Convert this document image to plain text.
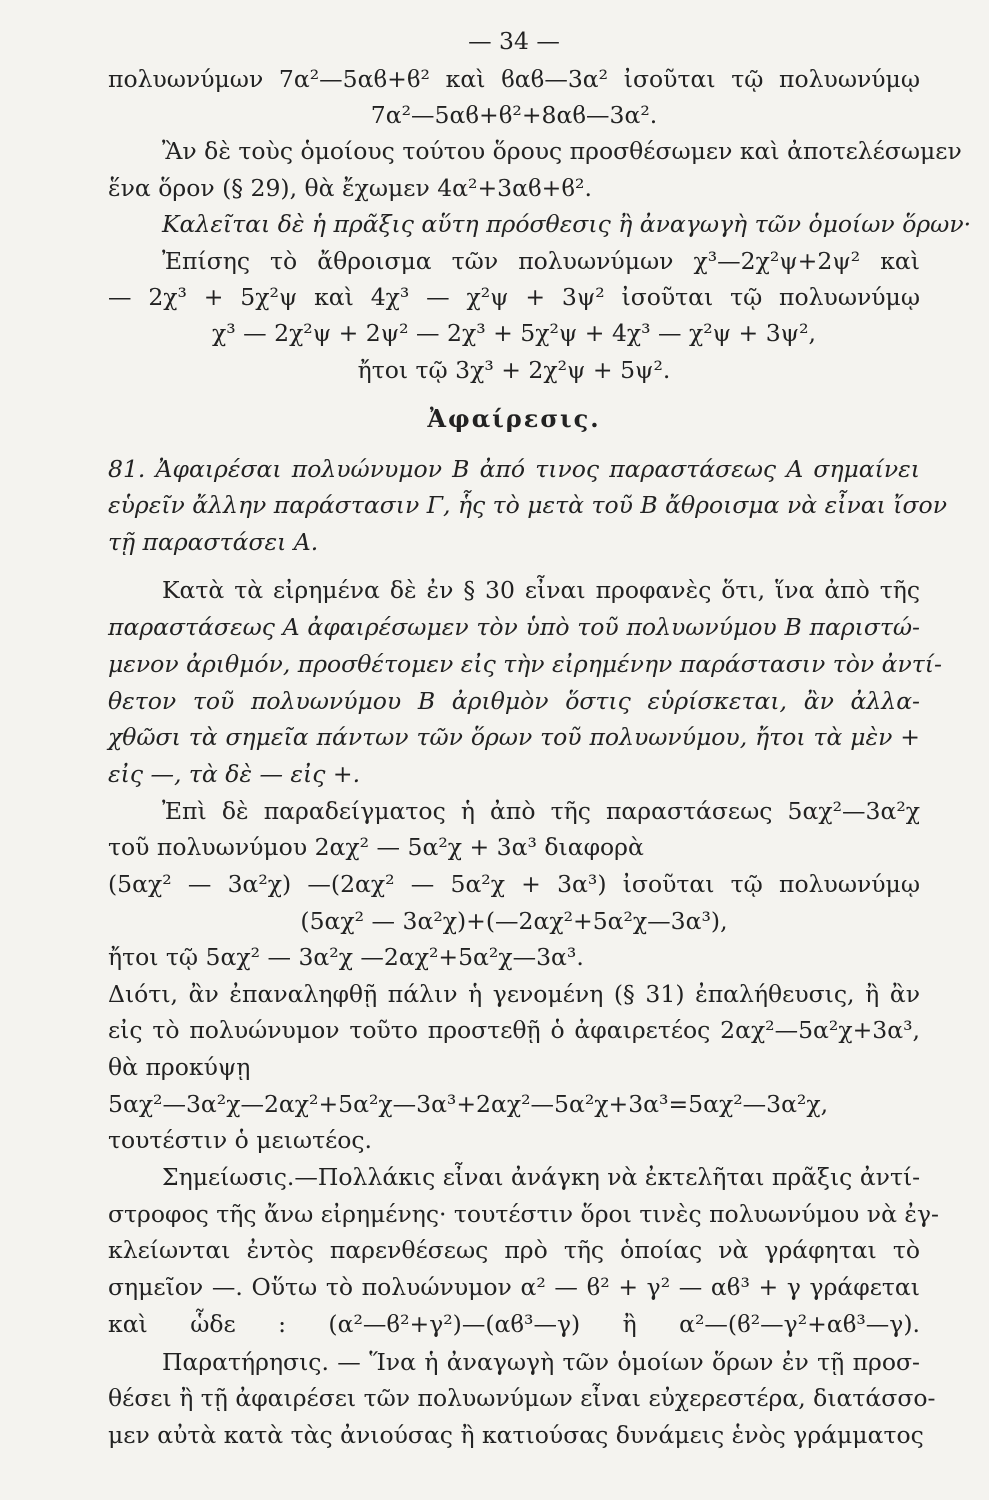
— 34 —
πολυωνύμων 7α²—5αϐ+ϐ² καὶ ϐαϐ—3α² ἰσοῦται τῷ πολυωνύμῳ
7α²—5αϐ+ϐ²+8αϐ—3α².
Ἂν δὲ τοὺς ὁμοίους τούτου ὅρους προσθέσωμεν καὶ ἀποτελέσωμεν
ἕνα ὅρον (§ 29), θὰ ἔχωμεν 4α²+3αϐ+ϐ².
Καλεῖται δὲ ἡ πρᾶξις αὕτη πρόσθεσις ἢ ἀναγωγὴ τῶν ὁμοίων ὅρων·
Ἐπίσης τὸ ἄθροισμα τῶν πολυωνύμων χ³—2χ²ψ+2ψ² καὶ
— 2χ³ + 5χ²ψ καὶ 4χ³ — χ²ψ + 3ψ² ἰσοῦται τῷ πολυωνύμῳ
χ³ — 2χ²ψ + 2ψ² — 2χ³ + 5χ²ψ + 4χ³ — χ²ψ + 3ψ²,
ἤτοι τῷ 3χ³ + 2χ²ψ + 5ψ².
Ἀφαίρεσις.
81. Ἀφαιρέσαι πολυώνυμον Β ἀπό τινος παραστάσεως Α σημαίνει
εὑρεῖν ἄλλην παράστασιν Γ, ἧς τὸ μετὰ τοῦ Β ἄθροισμα νὰ εἶναι ἴσον
τῇ παραστάσει Α.
Κατὰ τὰ εἰρημένα δὲ ἐν § 30 εἶναι προφανὲς ὅτι, ἵνα ἀπὸ τῆς
παραστάσεως Α ἀφαιρέσωμεν τὸν ὑπὸ τοῦ πολυωνύμου Β παριστώ-
μενον ἀριθμόν, προσθέτομεν εἰς τὴν εἰρημένην παράστασιν τὸν ἀντί-
θετον τοῦ πολυωνύμου Β ἀριθμὸν ὅστις εὑρίσκεται, ἂν ἀλλα-
χθῶσι τὰ σημεῖα πάντων τῶν ὅρων τοῦ πολυωνύμου, ἤτοι τὰ μὲν +
εἰς —, τὰ δὲ — εἰς +.
Ἐπὶ δὲ παραδείγματος ἡ ἀπὸ τῆς παραστάσεως 5αχ²—3α²χ
τοῦ πολυωνύμου 2αχ² — 5α²χ + 3α³ διαφορὰ
(5αχ² — 3α²χ) —(2αχ² — 5α²χ + 3α³) ἰσοῦται τῷ πολυωνύμῳ
(5αχ² — 3α²χ)+(—2αχ²+5α²χ—3α³),
ἤτοι τῷ 5αχ² — 3α²χ —2αχ²+5α²χ—3α³.
Διότι, ἂν ἐπαναληφθῇ πάλιν ἡ γενομένη (§ 31) ἐπαλήθευσις, ἢ ἂν
εἰς τὸ πολυώνυμον τοῦτο προστεθῇ ὁ ἀφαιρετέος 2αχ²—5α²χ+3α³,
θὰ προκύψῃ
5αχ²—3α²χ—2αχ²+5α²χ—3α³+2αχ²—5α²χ+3α³=5αχ²—3α²χ,
τουτέστιν ὁ μειωτέος.
Σημείωσις.—Πολλάκις εἶναι ἀνάγκη νὰ ἐκτελῆται πρᾶξις ἀντί-
στροφος τῆς ἄνω εἰρημένης· τουτέστιν ὅροι τινὲς πολυωνύμου νὰ ἐγ-
κλείωνται ἐντὸς παρενθέσεως πρὸ τῆς ὁποίας νὰ γράφηται τὸ
σημεῖον —. Οὕτω τὸ πολυώνυμον α² — ϐ² + γ² — αϐ³ + γ γράφεται
καὶ ὧδε : (α²—ϐ²+γ²)—(αϐ³—γ) ἢ α²—(ϐ²—γ²+αϐ³—γ).
Παρατήρησις. — Ἵνα ἡ ἀναγωγὴ τῶν ὁμοίων ὅρων ἐν τῇ προσ-
θέσει ἢ τῇ ἀφαιρέσει τῶν πολυωνύμων εἶναι εὐχερεστέρα, διατάσσο-
μεν αὐτὰ κατὰ τὰς ἀνιούσας ἢ κατιούσας δυνάμεις ἑνὸς γράμματος
